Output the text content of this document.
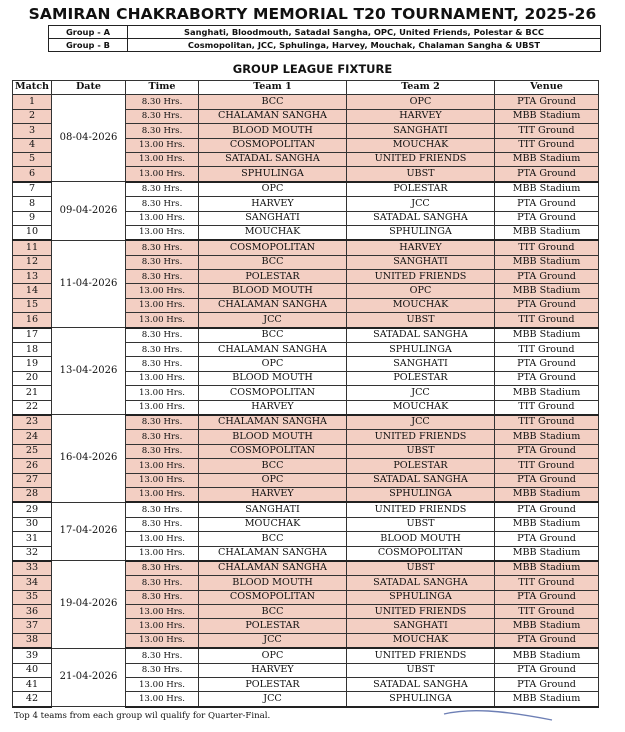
SAMIRAN CHAKRABORTY MEMORIAL T20 TOURNAMENT, 2025-26
Group - A	Sanghati, Bloodmouth, Satadal Sangha, OPC, United Friends, Polestar & BCC
Group - B	Cosmopolitan, JCC, Sphulinga, Harvey, Mouchak, Chalaman Sangha & UBST
GROUP LEAGUE FIXTURE
Match	Date	Time	Team 1	Team 2	Venue
1	08-04-2026	8.30 Hrs.	BCC	OPC	PTA Ground
2		8.30 Hrs.	CHALAMAN SANGHA	HARVEY	MBB Stadium
3		8.30 Hrs.	BLOOD MOUTH	SANGHATI	TIT Ground
4		13.00 Hrs.	COSMOPOLITAN	MOUCHAK	TIT Ground
5		13.00 Hrs.	SATADAL SANGHA	UNITED FRIENDS	MBB Stadium
6		13.00 Hrs.	SPHULINGA	UBST	PTA Ground
7	09-04-2026	8.30 Hrs.	OPC	POLESTAR	MBB Stadium
8		8.30 Hrs.	HARVEY	JCC	PTA Ground
9		13.00 Hrs.	SANGHATI	SATADAL SANGHA	PTA Ground
10		13.00 Hrs.	MOUCHAK	SPHULINGA	MBB Stadium
11	11-04-2026	8.30 Hrs.	COSMOPOLITAN	HARVEY	TIT Ground
12		8.30 Hrs.	BCC	SANGHATI	MBB Stadium
13		8.30 Hrs.	POLESTAR	UNITED FRIENDS	PTA Ground
14		13.00 Hrs.	BLOOD MOUTH	OPC	MBB Stadium
15		13.00 Hrs.	CHALAMAN SANGHA	MOUCHAK	PTA Ground
16		13.00 Hrs.	JCC	UBST	TIT Ground
17	13-04-2026	8.30 Hrs.	BCC	SATADAL SANGHA	MBB Stadium
18		8.30 Hrs.	CHALAMAN SANGHA	SPHULINGA	TIT Ground
19		8.30 Hrs.	OPC	SANGHATI	PTA Ground
20		13.00 Hrs.	BLOOD MOUTH	POLESTAR	PTA Ground
21		13.00 Hrs.	COSMOPOLITAN	JCC	MBB Stadium
22		13.00 Hrs.	HARVEY	MOUCHAK	TIT Ground
23	16-04-2026	8.30 Hrs.	CHALAMAN SANGHA	JCC	TIT Ground
24		8.30 Hrs.	BLOOD MOUTH	UNITED FRIENDS	MBB Stadium
25		8.30 Hrs.	COSMOPOLITAN	UBST	PTA Ground
26		13.00 Hrs.	BCC	POLESTAR	TIT Ground
27		13.00 Hrs.	OPC	SATADAL SANGHA	PTA Ground
28		13.00 Hrs.	HARVEY	SPHULINGA	MBB Stadium
29	17-04-2026	8.30 Hrs.	SANGHATI	UNITED FRIENDS	PTA Ground
30		8.30 Hrs.	MOUCHAK	UBST	MBB Stadium
31		13.00 Hrs.	BCC	BLOOD MOUTH	PTA Ground
32		13.00 Hrs.	CHALAMAN SANGHA	COSMOPOLITAN	MBB Stadium
33	19-04-2026	8.30 Hrs.	CHALAMAN SANGHA	UBST	MBB Stadium
34		8.30 Hrs.	BLOOD MOUTH	SATADAL SANGHA	TIT Ground
35		8.30 Hrs.	COSMOPOLITAN	SPHULINGA	PTA Ground
36		13.00 Hrs.	BCC	UNITED FRIENDS	TIT Ground
37		13.00 Hrs.	POLESTAR	SANGHATI	MBB Stadium
38		13.00 Hrs.	JCC	MOUCHAK	PTA Ground
39	21-04-2026	8.30 Hrs.	OPC	UNITED FRIENDS	MBB Stadium
40		8.30 Hrs.	HARVEY	UBST	PTA Ground
41		13.00 Hrs.	POLESTAR	SATADAL SANGHA	PTA Ground
42		13.00 Hrs.	JCC	SPHULINGA	MBB Stadium
Top 4 teams from each group wil qualify for Quarter-Final.
